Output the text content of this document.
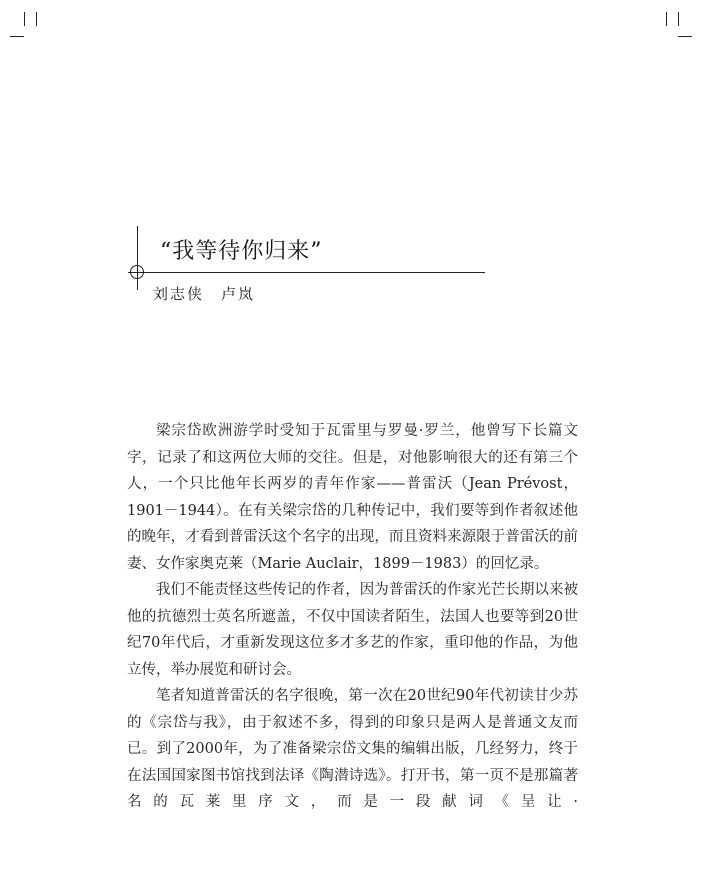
“我等待你归来”
刘志侠　卢岚

梁宗岱欧洲游学时受知于瓦雷里与罗曼·罗兰，他曾写下长篇文字，记录了和这两位大师的交往。但是，对他影响很大的还有第三个人，一个只比他年长两岁的青年作家——普雷沃（Jean Prévost，1901－1944）。在有关梁宗岱的几种传记中，我们要等到作者叙述他的晚年，才看到普雷沃这个名字的出现，而且资料来源限于普雷沃的前妻、女作家奥克莱（Marie Auclair，1899－1983）的回忆录。

我们不能责怪这些传记的作者，因为普雷沃的作家光芒长期以来被他的抗德烈士英名所遮盖，不仅中国读者陌生，法国人也要等到20世纪70年代后，才重新发现这位多才多艺的作家，重印他的作品，为他立传，举办展览和研讨会。

笔者知道普雷沃的名字很晚，第一次在20世纪90年代初读甘少苏的《宗岱与我》，由于叙述不多，得到的印象只是两人是普通文友而已。到了2000年，为了准备梁宗岱文集的编辑出版，几经努力，终于在法国国家图书馆找到法译《陶潜诗选》。打开书，第一页不是那篇著名的瓦莱里序文，而是一段献词《呈让·
